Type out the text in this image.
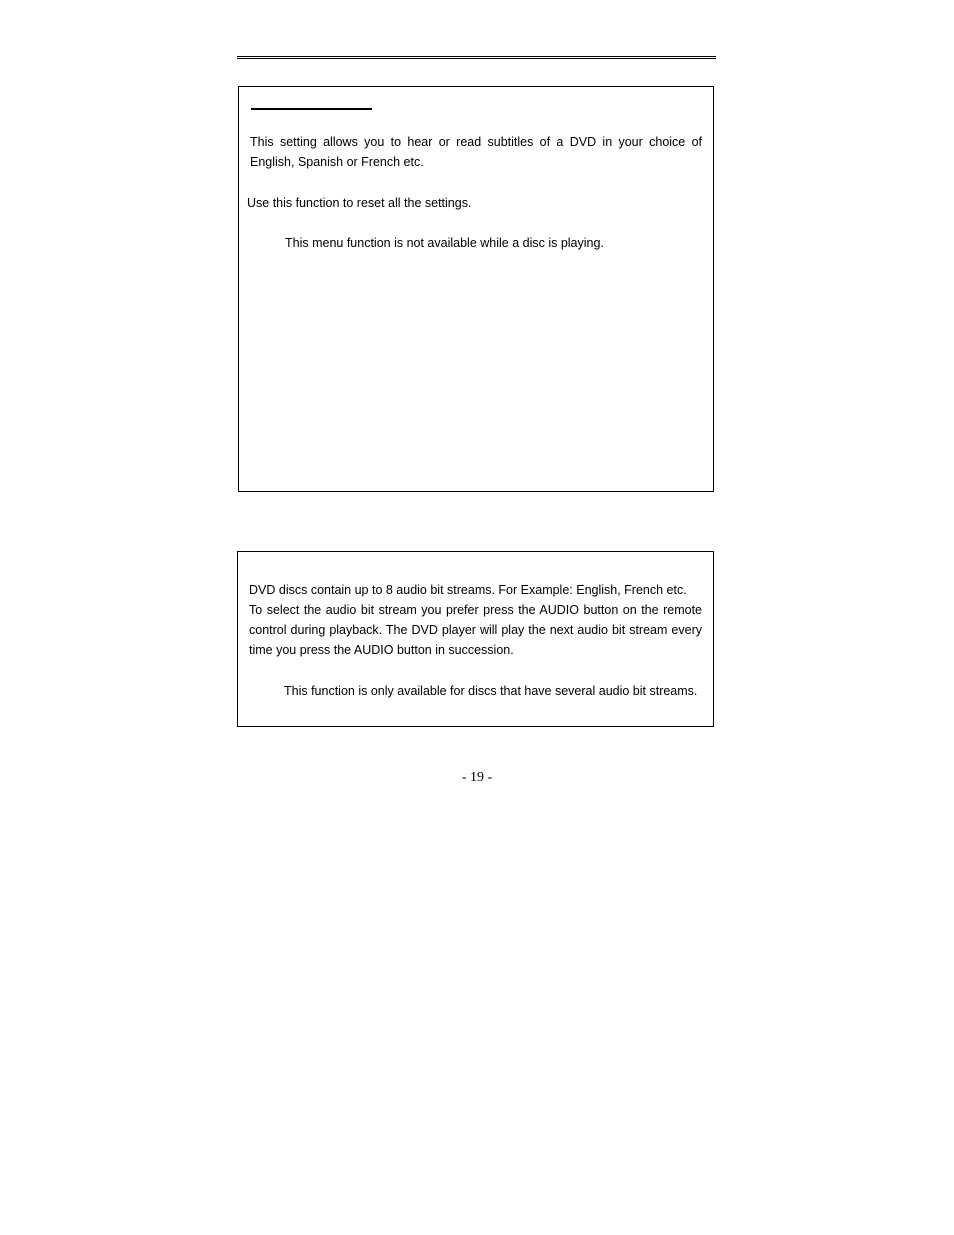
This setting allows you to hear or read subtitles of a DVD in your choice of English, Spanish or French etc.

Use this function to reset all the settings.

This menu function is not available while a disc is playing.

DVD discs contain up to 8 audio bit streams. For Example: English, French etc.
To select the audio bit stream you prefer press the AUDIO button on the remote control during playback. The DVD player will play the next audio bit stream every time you press the AUDIO button in succession.

This function is only available for discs that have several audio bit streams.

- 19 -
